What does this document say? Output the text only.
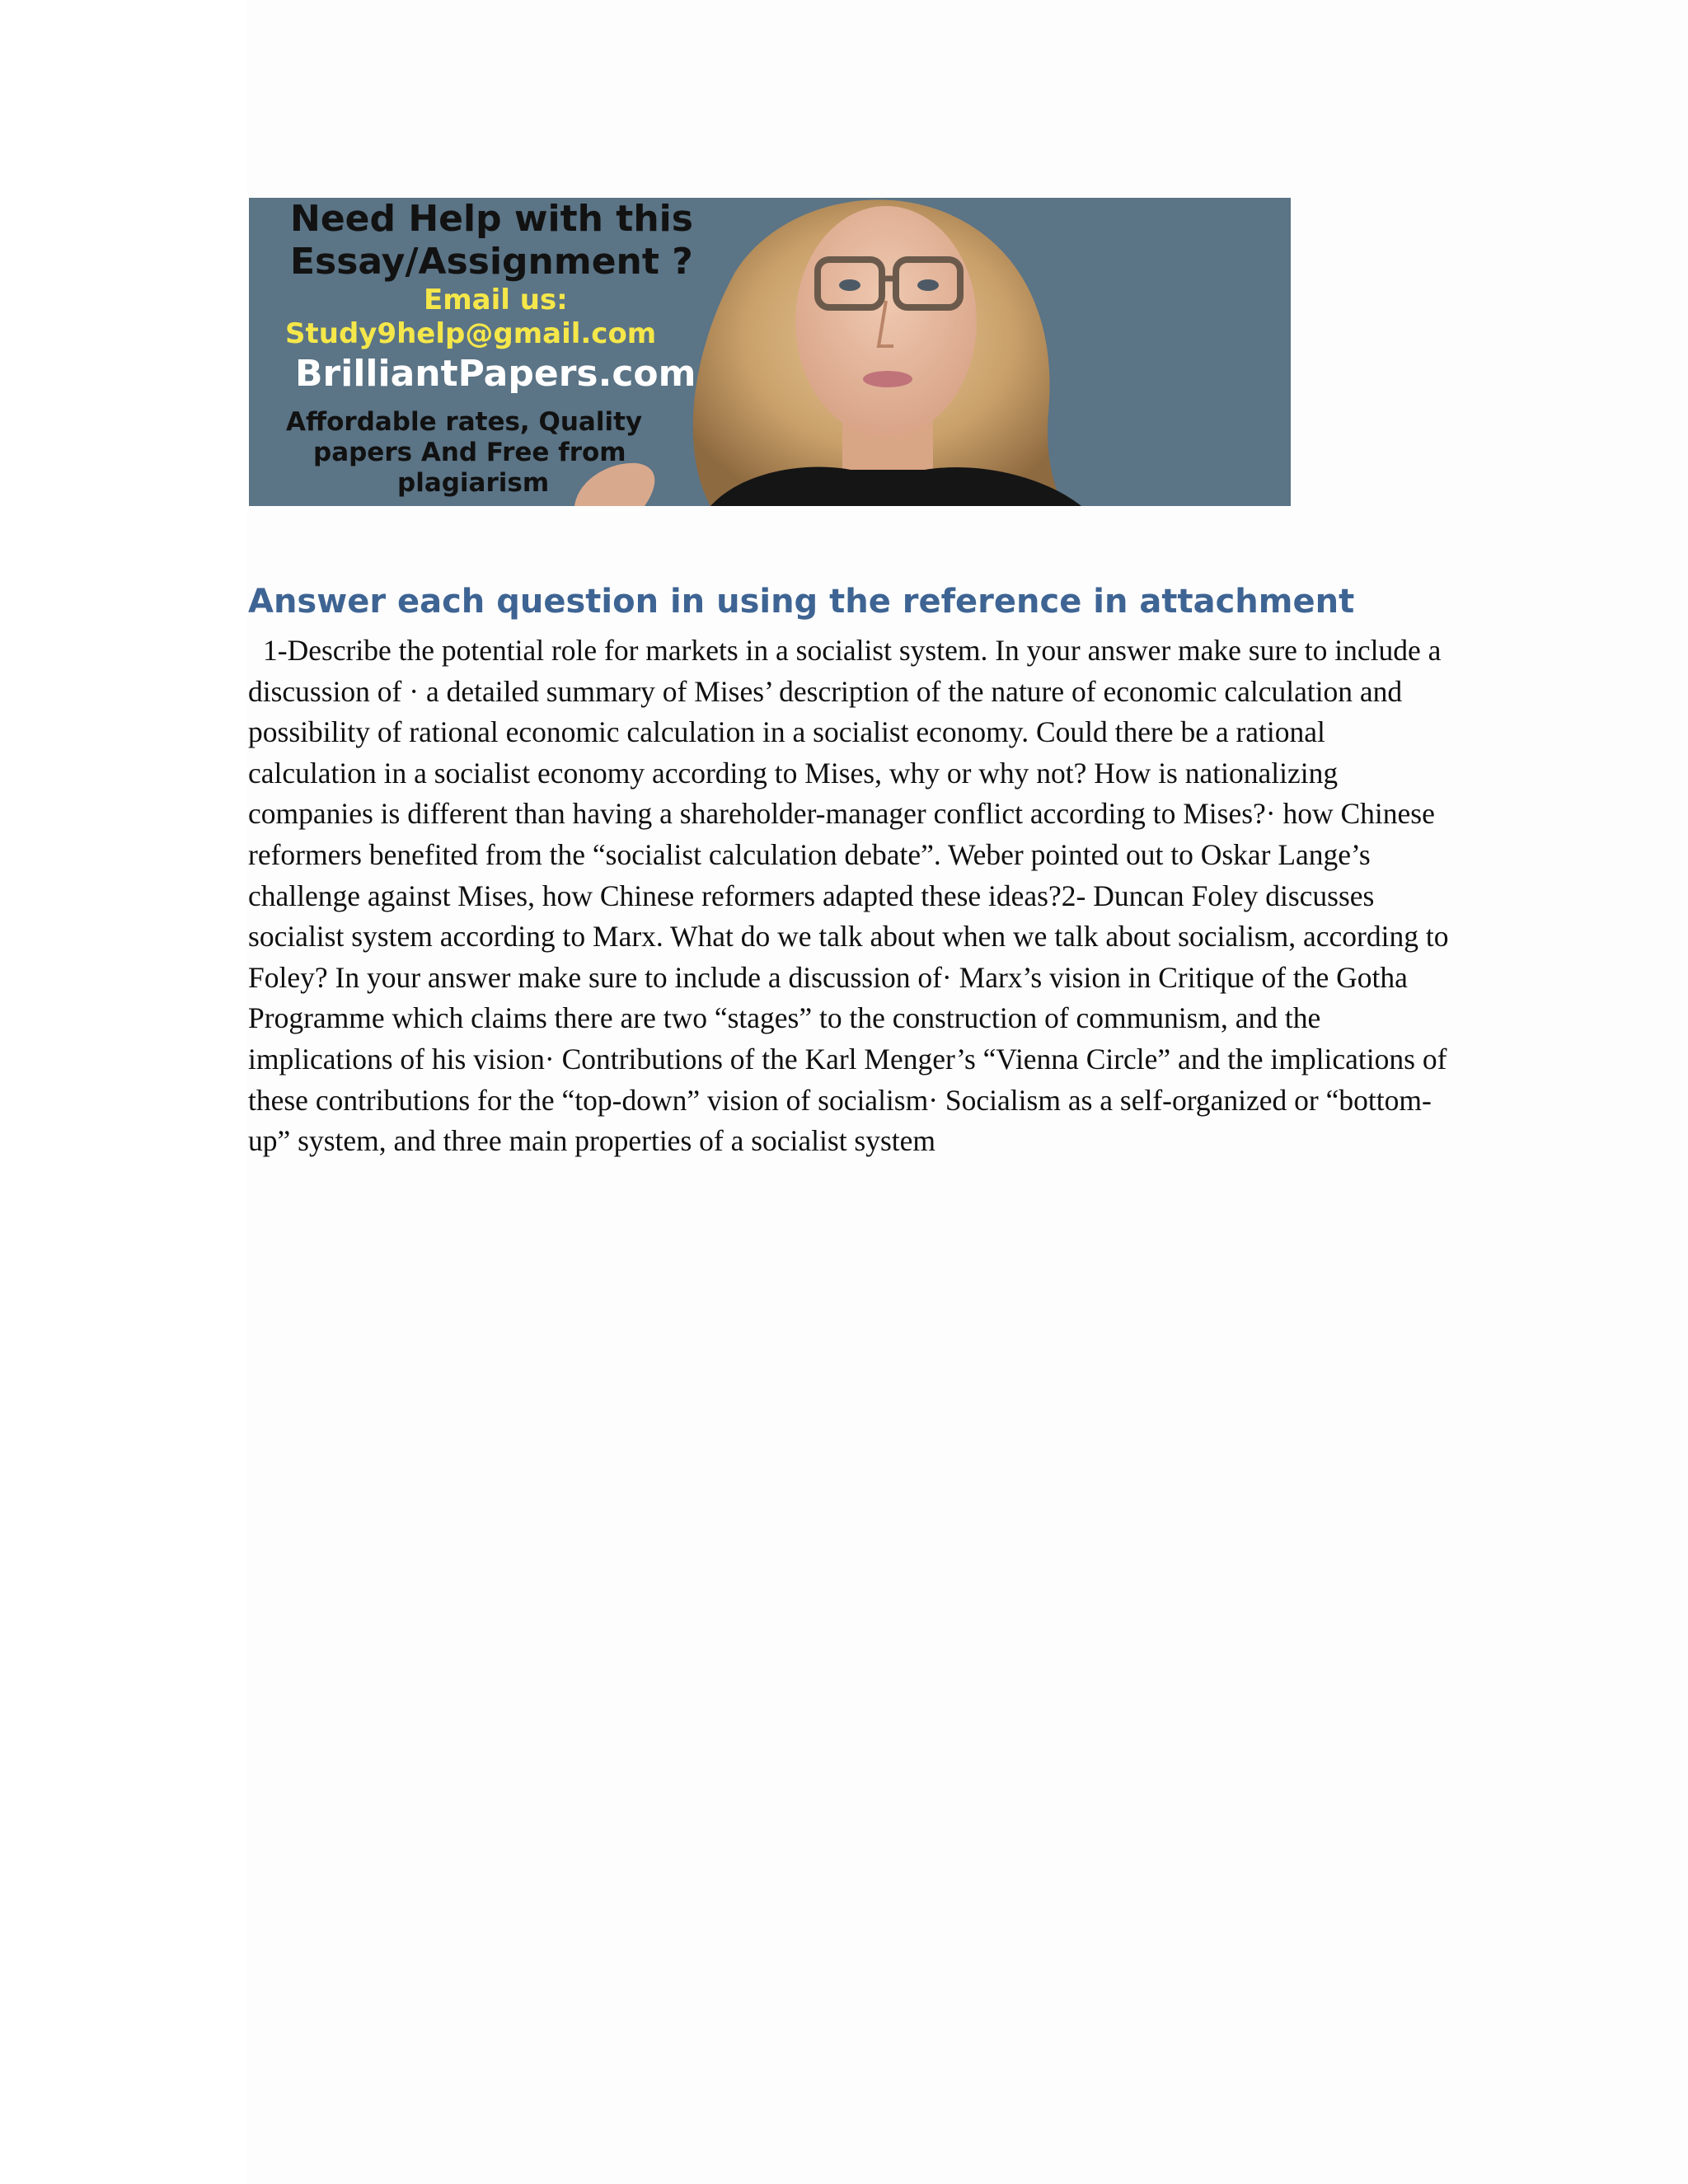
Need Help with this

Essay/Assignment ?

Email us:

Study9help@gmail.com

BrilliantPapers.com

Affordable rates, Quality

papers And Free from

plagiarism

Answer each question in using the reference in attachment

1-Describe the potential role for markets in a socialist system. In your answer make sure to include a discussion of · a detailed summary of Mises’ description of the nature of economic calculation and possibility of rational economic calculation in a socialist economy. Could there be a rational calculation in a socialist economy according to Mises, why or why not? How is nationalizing companies is different than having a shareholder-manager conflict according to Mises?· how Chinese reformers benefited from the “socialist calculation debate”. Weber pointed out to Oskar Lange’s challenge against Mises, how Chinese reformers adapted these ideas?2- Duncan Foley discusses socialist system according to Marx. What do we talk about when we talk about socialism, according to Foley? In your answer make sure to include a discussion of· Marx’s vision in Critique of the Gotha Programme which claims there are two “stages” to the construction of communism, and the implications of his vision· Contributions of the Karl Menger’s “Vienna Circle” and the implications of these contributions for the “top-down” vision of socialism· Socialism as a self-organized or “bottom-up” system, and three main properties of a socialist system
